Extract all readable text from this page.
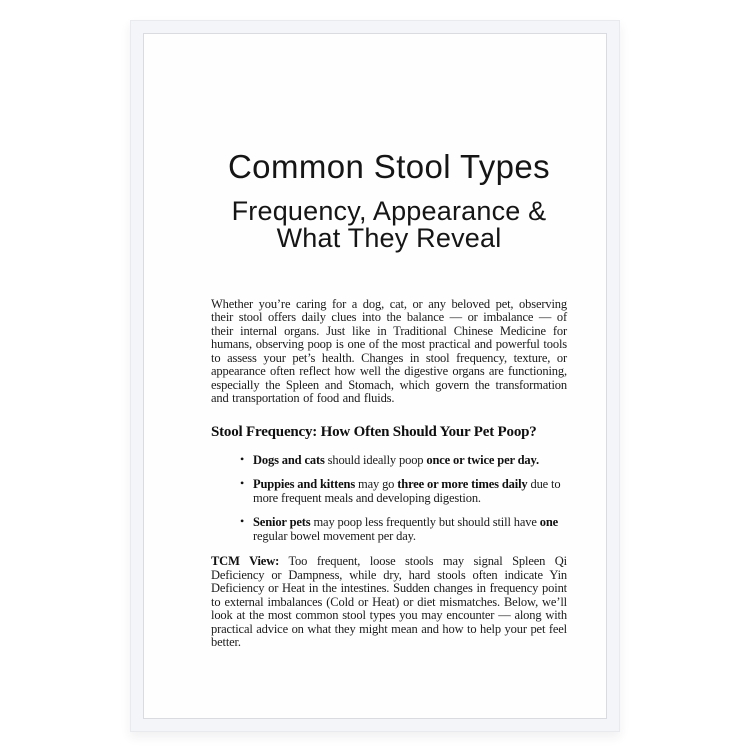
Common Stool Types
Frequency, Appearance & What They Reveal

Whether you’re caring for a dog, cat, or any beloved pet, observing their stool offers daily clues into the balance — or imbalance — of their internal organs. Just like in Traditional Chinese Medicine for humans, observing poop is one of the most practical and powerful tools to assess your pet’s health. Changes in stool frequency, texture, or appearance often reflect how well the digestive organs are functioning, especially the Spleen and Stomach, which govern the transformation and transportation of food and fluids.

Stool Frequency: How Often Should Your Pet Poop?
• Dogs and cats should ideally poop once or twice per day.
• Puppies and kittens may go three or more times daily due to more frequent meals and developing digestion.
• Senior pets may poop less frequently but should still have one regular bowel movement per day.

TCM View: Too frequent, loose stools may signal Spleen Qi Deficiency or Dampness, while dry, hard stools often indicate Yin Deficiency or Heat in the intestines. Sudden changes in frequency point to external imbalances (Cold or Heat) or diet mismatches. Below, we’ll look at the most common stool types you may encounter — along with practical advice on what they might mean and how to help your pet feel better.
